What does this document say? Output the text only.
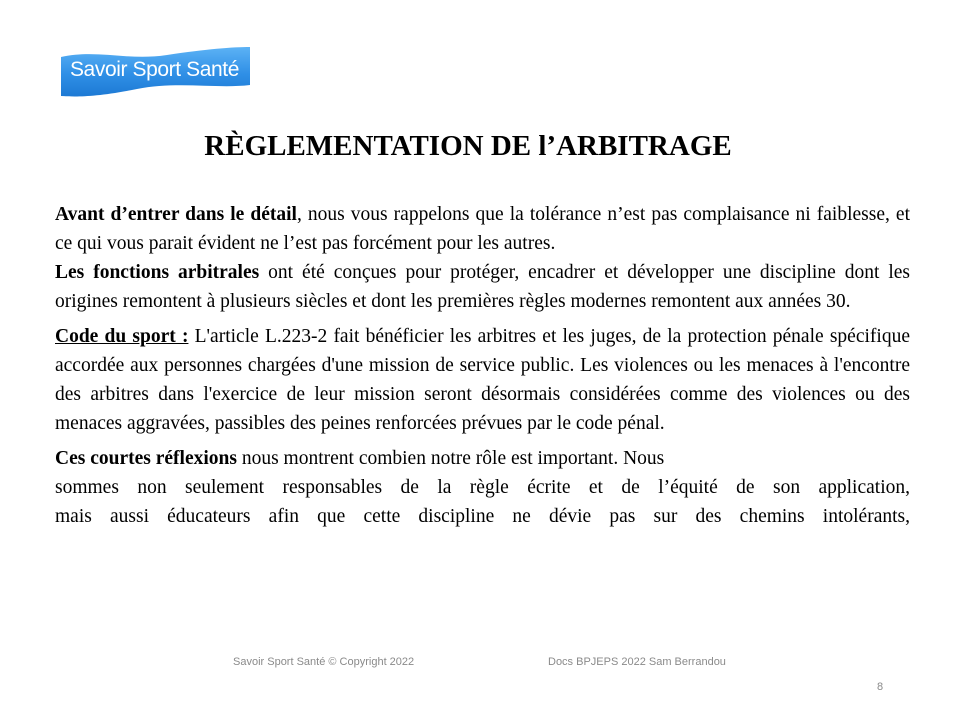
Savoir Sport Santé
RÈGLEMENTATION DE l’ARBITRAGE

Avant d’entrer dans le détail, nous vous rappelons que la tolérance n’est pas complaisance ni faiblesse, et ce qui vous parait évident ne l’est pas forcément pour les autres.

Les fonctions arbitrales ont été conçues pour protéger, encadrer et développer une discipline dont les origines remontent à plusieurs siècles et dont les premières règles modernes remontent aux années 30.

Code du sport : L'article L.223-2 fait bénéficier les arbitres et les juges, de la protection pénale spécifique accordée aux personnes chargées d'une mission de service public. Les violences ou les menaces à l'encontre des arbitres dans l'exercice de leur mission seront désormais considérées comme des violences ou des menaces aggravées, passibles des peines renforcées prévues par le code pénal.

Ces courtes réflexions nous montrent combien notre rôle est important. Nous
sommes non seulement responsables de la règle écrite et de l’équité de son application,
mais aussi éducateurs afin que cette discipline ne dévie pas sur des chemins intolérants,

Savoir Sport Santé © Copyright 2022	Docs BPJEPS 2022 Sam Berrandou
8
